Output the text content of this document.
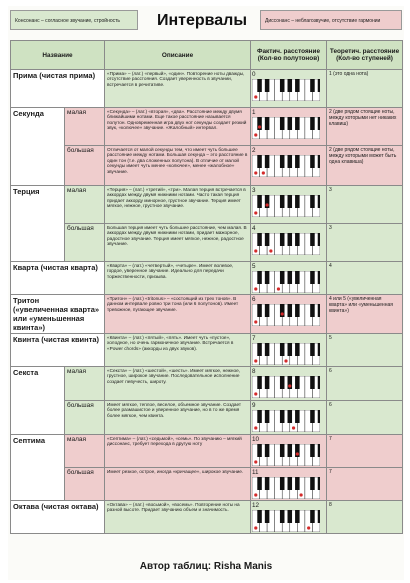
Консонанс – согласное звучание, стройность	Интервалы	Диссонанс – неблагозвучие, отсутствие гармонии
Название		Описание	Фактич. расстояние (Кол-во полутонов)	Теоретич. расстояние (Кол-во ступеней)
Прима (чистая прима)		«Прима» – (лат.) «первый», «один». Повторение ноты дважды, отсутствие расстояния. Создает уверенность в звучании, встречается в речитативе.	0	1 (это одна нота)
Секунда	малая	«Секунда» – (лат.) «вторая», «два». Расстояние между двумя ближайшими нотами. Еще такое расстояние называется полутон. Одновременная игра двух нот секунды создает резкий звук, «колючее» звучание. «Жалобный» интервал.	1	2 (две рядом стоящие ноты, между которыми нет никаких клавиш)
	большая	Отличается от малой секунды тем, что имеет чуть большее расстояние между нотами. Большая секунда – это расстояние в один тон (т.е. два сложенных полутона). В отличие от малой секунды имеет чуть менее «колючее», менее «жалобное» звучание.	2	2 (две рядом стоящие ноты, между которыми может быть одна клавиша)
Терция	малая	«Терция» – (лат.) «третий», «три». Малая терция встречается в аккордах между двумя нижними нотами. Часто такая терция придает аккорду минорное, грустное звучание. Терция имеет мягкое, нежное, грустное звучание.	3	3
	большая	Большая терция имеет чуть большее расстояние, чем малая. В аккордах между двумя нижними нотами, придает мажорное, радостное звучание. Терция имеет мягкое, нежное, радостное звучание.	4	3
Кварта (чистая кварта)		«Кварта» – (лат.) «четвертый», «четыре». Имеет волевое, гордое, уверенное звучание. Идеально для передачи торжественности, призыва.	5	4
Тритон
(«увеличенная кварта»
или «уменьшенная квинта»)		«Тритон» – (лат.) «tritonus» – «состоящий из трех тонов». В данном интервале ровно три тона (или 6 полутонов). Имеет тревожное, пугающее звучание.	6	4 или 5 («увеличенная кварта» или «уменьшенная квинта»)
Квинта (чистая квинта)		«Квинта» – (лат.) «пятый», «пять». Имеет чуть «пустое», холодное, но очень гармоничное звучание. Встречается в «Power chords» (аккорды из двух звуков).	7	5
Секста	малая	«Секста» – (лат.) «шестой», «шесть». Имеет мягкое, нежное, грустное, широкое звучание. Последовательное исполнение создает певучесть, широту.	8	6
	большая	Имеет мягкое, теплое, веселое, объемное звучание. Создает более размашистое и уверенное звучание, но в то же время более мягкое, чем квинта.	9	6
Септима	малая	«Септима» – (лат.) «седьмой», «семь». По звучанию – мягкий диссонанс, требует перехода в другую ноту	10	7
	большая	Имеет резкое, острое, иногда «кричащее», широкое звучание.	11	7
Октава (чистая октава)		«Октава» – (лат.) «восьмой», «восемь». Повторение ноты на разной высоте. Придает звучанию объем и значимость.	12	8
Автор таблиц: Risha Manis
